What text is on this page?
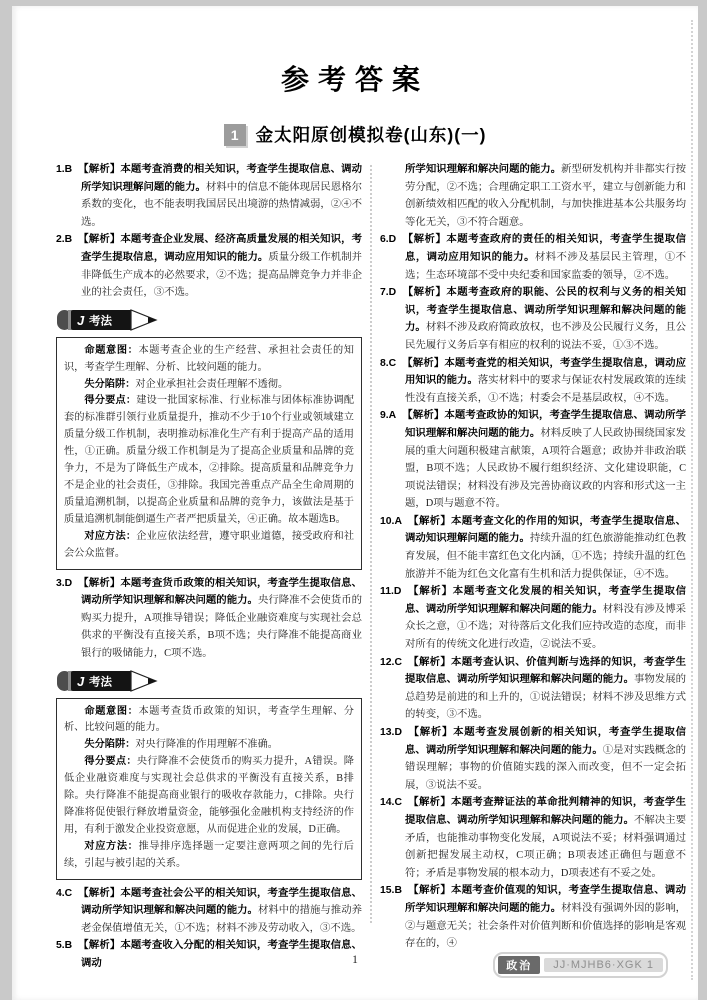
参考答案
1 金太阳原创模拟卷(山东)(一)

1.B 【解析】本题考查消费的相关知识，考查学生提取信息、调动所学知识理解问题的能力。材料中的信息不能体现居民恩格尔系数的变化，也不能表明我国居民出境游的热情减弱，②④不选。

2.B 【解析】本题考查企业发展、经济高质量发展的相关知识，考查学生提取信息，调动应用知识的能力。质量分级工作机制并非降低生产成本的必然要求，②不选；提高品牌竞争力并非企业的社会责任，③不选。

J 考法

命题意图：本题考查企业的生产经营、承担社会责任的知识，考查学生理解、分析、比较问题的能力。

失分陷阱：对企业承担社会责任理解不透彻。

得分要点：建设一批国家标准、行业标准与团体标准协调配套的标准群引领行业质量提升，推动不少于10个行业或领域建立质量分级工作机制，表明推动标准化生产有利于提高产品的适用性，①正确。质量分级工作机制是为了提高企业质量和品牌的竞争力，不是为了降低生产成本，②排除。提高质量和品牌竞争力不是企业的社会责任，③排除。我国完善重点产品全生命周期的质量追溯机制，以提高企业质量和品牌的竞争力，该做法是基于质量追溯机制能倒逼生产者严把质量关，④正确。故本题选B。

对应方法：企业应依法经营，遵守职业道德，接受政府和社会公众监督。

3.D 【解析】本题考查货币政策的相关知识，考查学生提取信息、调动所学知识理解和解决问题的能力。央行降准不会使货币的购买力提升，A项推导错误；降低企业融资难度与实现社会总供求的平衡没有直接关系，B项不选；央行降准不能提高商业银行的吸储能力，C项不选。

J 考法

命题意图：本题考查货币政策的知识，考查学生理解、分析、比较问题的能力。

失分陷阱：对央行降准的作用理解不准确。

得分要点：央行降准不会使货币的购买力提升，A错误。降低企业融资难度与实现社会总供求的平衡没有直接关系，B排除。央行降准不能提高商业银行的吸收存款能力，C排除。央行降准将促使银行释放增量资金，能够强化金融机构支持经济的作用，有利于激发企业投资意愿，从而促进企业的发展，D正确。

对应方法：推导排序选择题一定要注意两项之间的先行后续，引起与被引起的关系。

4.C 【解析】本题考查社会公平的相关知识，考查学生提取信息、调动所学知识理解和解决问题的能力。材料中的措施与推动养老金保值增值无关，①不选；材料不涉及劳动收入，③不选。

5.B 【解析】本题考查收入分配的相关知识，考查学生提取信息、调动

所学知识理解和解决问题的能力。新型研发机构并非都实行按劳分配，②不选；合理确定职工工资水平，建立与创新能力和创新绩效相匹配的收入分配机制，与加快推进基本公共服务均等化无关，③不符合题意。

6.D 【解析】本题考查政府的责任的相关知识，考查学生提取信息，调动应用知识的能力。材料不涉及基层民主管理，①不选；生态环境部不受中央纪委和国家监委的领导，②不选。

7.D 【解析】本题考查政府的职能、公民的权利与义务的相关知识，考查学生提取信息、调动所学知识理解和解决问题的能力。材料不涉及政府简政放权，也不涉及公民履行义务，且公民先履行义务后享有相应的权利的说法不妥，①③不选。

8.C 【解析】本题考查党的相关知识，考查学生提取信息，调动应用知识的能力。落实材料中的要求与保证农村发展政策的连续性没有直接关系，①不选；村委会不是基层政权，④不选。

9.A 【解析】本题考查政协的知识，考查学生提取信息、调动所学知识理解和解决问题的能力。材料反映了人民政协围绕国家发展的重大问题积极建言献策，A项符合题意；政协并非政治联盟，B项不选；人民政协不履行组织经济、文化建设职能，C项说法错误；材料没有涉及完善协商议政的内容和形式这一主题，D项与题意不符。

10.A 【解析】本题考查文化的作用的知识，考查学生提取信息、调动知识理解问题的能力。持续升温的红色旅游能推动红色教育发展，但不能丰富红色文化内涵，①不选；持续升温的红色旅游并不能为红色文化富有生机和活力提供保证，④不选。

11.D 【解析】本题考查文化发展的相关知识，考查学生提取信息、调动所学知识理解和解决问题的能力。材料没有涉及博采众长之意，①不选；对待落后文化我们应持改造的态度，而非对所有的传统文化进行改造，②说法不妥。

12.C 【解析】本题考查认识、价值判断与选择的知识，考查学生提取信息、调动所学知识理解和解决问题的能力。事物发展的总趋势是前进的和上升的，①说法错误；材料不涉及思维方式的转变，③不选。

13.D 【解析】本题考查发展创新的相关知识，考查学生提取信息、调动所学知识理解和解决问题的能力。①是对实践概念的错误理解；事物的价值随实践的深入而改变，但不一定会拓展，③说法不妥。

14.C 【解析】本题考查辩证法的革命批判精神的知识，考查学生提取信息、调动所学知识理解和解决问题的能力。不解决主要矛盾，也能推动事物变化发展，A项说法不妥；材料强调通过创新把握发展主动权，C项正确；B项表述正确但与题意不符；矛盾是事物发展的根本动力，D项表述有不妥之处。

15.B 【解析】本题考查价值观的知识，考查学生提取信息、调动所学知识理解和解决问题的能力。材料没有强调外因的影响，②与题意无关；社会条件对价值判断和价值选择的影响是客观存在的，④

1	政治	JJ·MJHB6·XGK 1
